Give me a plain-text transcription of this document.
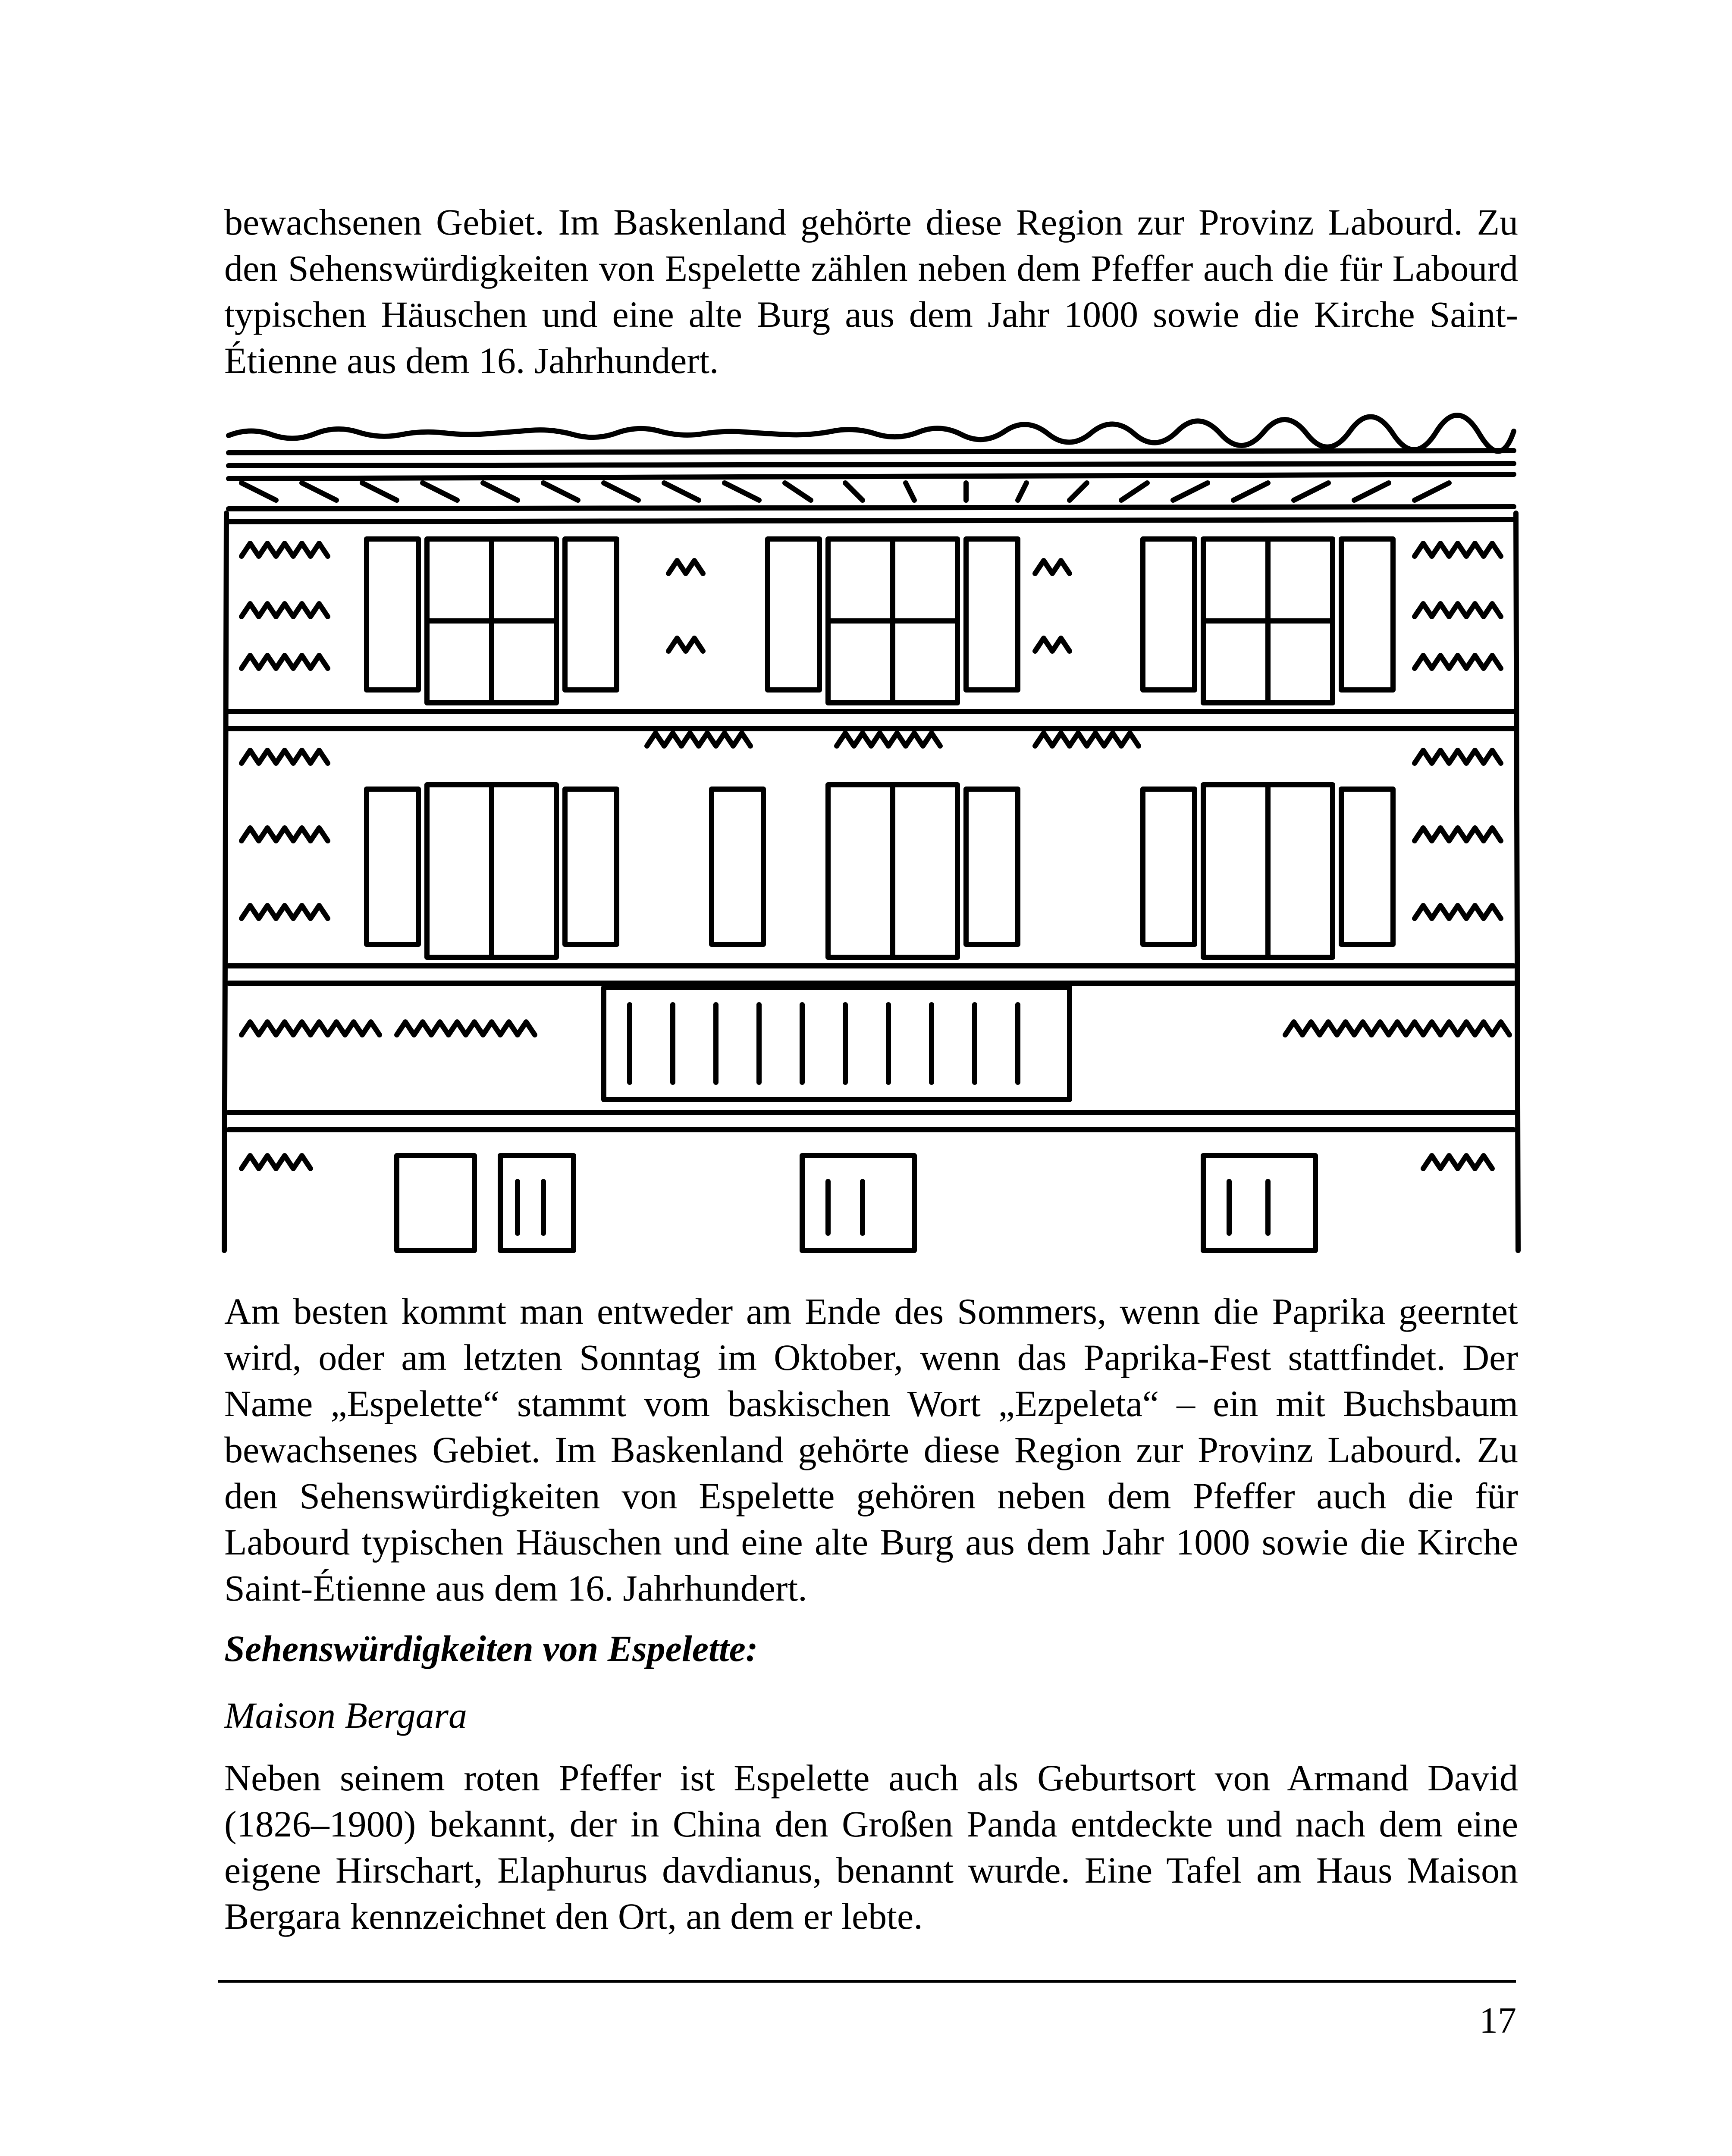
bewachsenen Gebiet. Im Baskenland gehörte diese Region zur Provinz Labourd. Zu den Sehenswürdigkeiten von Espelette zählen neben dem Pfeffer auch die für Labourd typischen Häuschen und eine alte Burg aus dem Jahr 1000 sowie die Kirche Saint-Étienne aus dem 16. Jahrhundert.

Am besten kommt man entweder am Ende des Sommers, wenn die Paprika geerntet wird, oder am letzten Sonntag im Oktober, wenn das Paprika-Fest stattfindet. Der Name „Espelette“ stammt vom baskischen Wort „Ezpeleta“ – ein mit Buchsbaum bewachsenes Gebiet. Im Baskenland gehörte diese Region zur Provinz Labourd. Zu den Sehenswürdigkeiten von Espelette gehören neben dem Pfeffer auch die für Labourd typischen Häuschen und eine alte Burg aus dem Jahr 1000 sowie die Kirche Saint-Étienne aus dem 16. Jahrhundert.

Sehenswürdigkeiten von Espelette:

Maison Bergara

Neben seinem roten Pfeffer ist Espelette auch als Geburtsort von Armand David (1826–1900) bekannt, der in China den Großen Panda entdeckte und nach dem eine eigene Hirschart, Elaphurus davdianus, benannt wurde. Eine Tafel am Haus Maison Bergara kennzeichnet den Ort, an dem er lebte.

17
